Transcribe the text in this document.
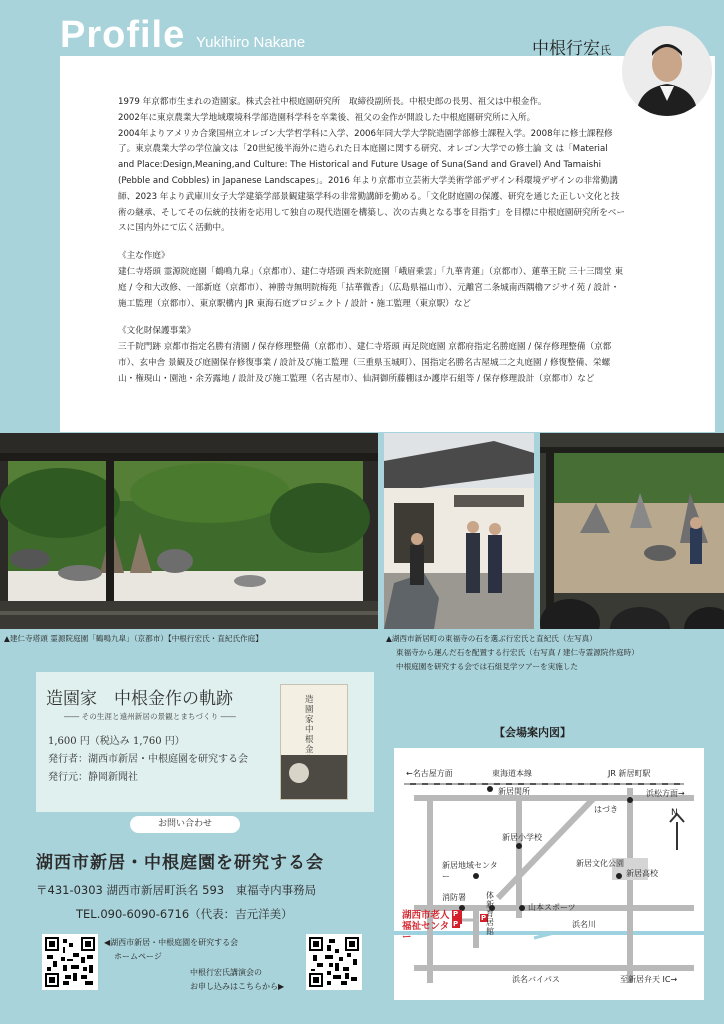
Profile Yukihiro Nakane	中根行宏氏

1979 年京都市生まれの造園家。株式会社中根庭園研究所　取締役副所長。中根史郎の長男、祖父は中根金作。

2002年に東京農業大学地域環境科学部造園科学科を卒業後、祖父の金作が開設した中根庭園研究所に入所。

2004年よりアメリカ合衆国州立オレゴン大学哲学科に入学、2006年同大学大学院造園学部修士課程入学。2008年に修士課程修了。東京農業大学の学位論文は「20世紀後半海外に造られた日本庭園に関する研究、オレゴン大学での修士論 文 は「Material and Place:Design,Meaning,and Culture: The Historical and Future Usage of Suna(Sand and Gravel) And Tamaishi (Pebble and Cobbles) in Japanese Landscapes」。2016 年より京都市立芸術大学美術学部デザイン科環境デザインの非常勤講師、2023 年より武庫川女子大学建築学部景観建築学科の非常勤講師を勤める。「文化財庭園の保護、研究を通じた正しい文化と技術の継承、そしてその伝統的技術を応用して独自の現代造園を構築し、次の古典となる事を目指す」を目標に中根庭園研究所をベースに国内外にて広く活動中。

《主な作庭》

建仁寺塔頭 霊源院庭園「鶴鳴九皐」（京都市）、建仁寺塔頭 西来院庭園「峨眉乗雲」「九華青蓮」（京都市）、蓮華王院 三十三間堂 東庭 / 令和大改修、一部新庭（京都市）、神勝寺無明院梅苑「拈華微香」（広島県福山市）、元離宮二条城南西隅櫓アジサイ苑 / 設計・施工監理（京都市）、東京駅構内 JR 東海石庭プロジェクト / 設計・施工監理（東京駅）など

《文化財保護事業》

三千院門跡 京都市指定名勝有清園 / 保存修理整備（京都市）、建仁寺塔頭 両足院庭園 京都府指定名勝庭園 / 保存修理整備（京都市）、玄申舎 景観及び庭園保存修復事業 / 設計及び施工監理（三重県玉城町）、国指定名勝名古屋城二之丸庭園 / 修復整備、栄螺山・権現山・園池・余芳露地 / 設計及び施工監理（名古屋市）、仙洞御所藤棚ほか護岸石組等 / 保存修理設計（京都市）など

▲建仁寺塔頭 霊源院庭園「鶴鳴九皐」（京都市）【中根行宏氏・直紀氏作庭】	▲湖西市新居町の東福寺の石を選ぶ行宏氏と直紀氏（左写真）
東福寺から運んだ石を配置する行宏氏（右写真 / 建仁寺霊源院作庭時）
中根庭園を研究する会では石組見学ツアーを実施した
造園家　中根金作の軌跡
―― その生涯と遠州新居の景観とまちづくり ――
1,600 円（税込み 1,760 円）
発行者：湖西市新居・中根庭園を研究する会
発行元：静岡新聞社
造園家 中根金
お問い合わせ
湖西市新居・中根庭園を研究する会
〒431-0303 湖西市新居町浜名 593　東福寺内事務局
TEL.090-6090-6716（代表：吉元洋美）
◀湖西市新居・中根庭園を研究する会
ホームページ
中根行宏氏講演会の
お申し込みはこちらから▶
【会場案内図】
←名古屋方面	東海道本線	JR 新居町駅
浜松方面→
新居関所
はづき
新居小学校
N
新居地域センター
新居文化公園
新居高校
消防署	体新育居館
山本スポーツ
湖西市老人福祉センター
浜名川
浜名バイパス	至新居弁天 IC→
P
P
P
